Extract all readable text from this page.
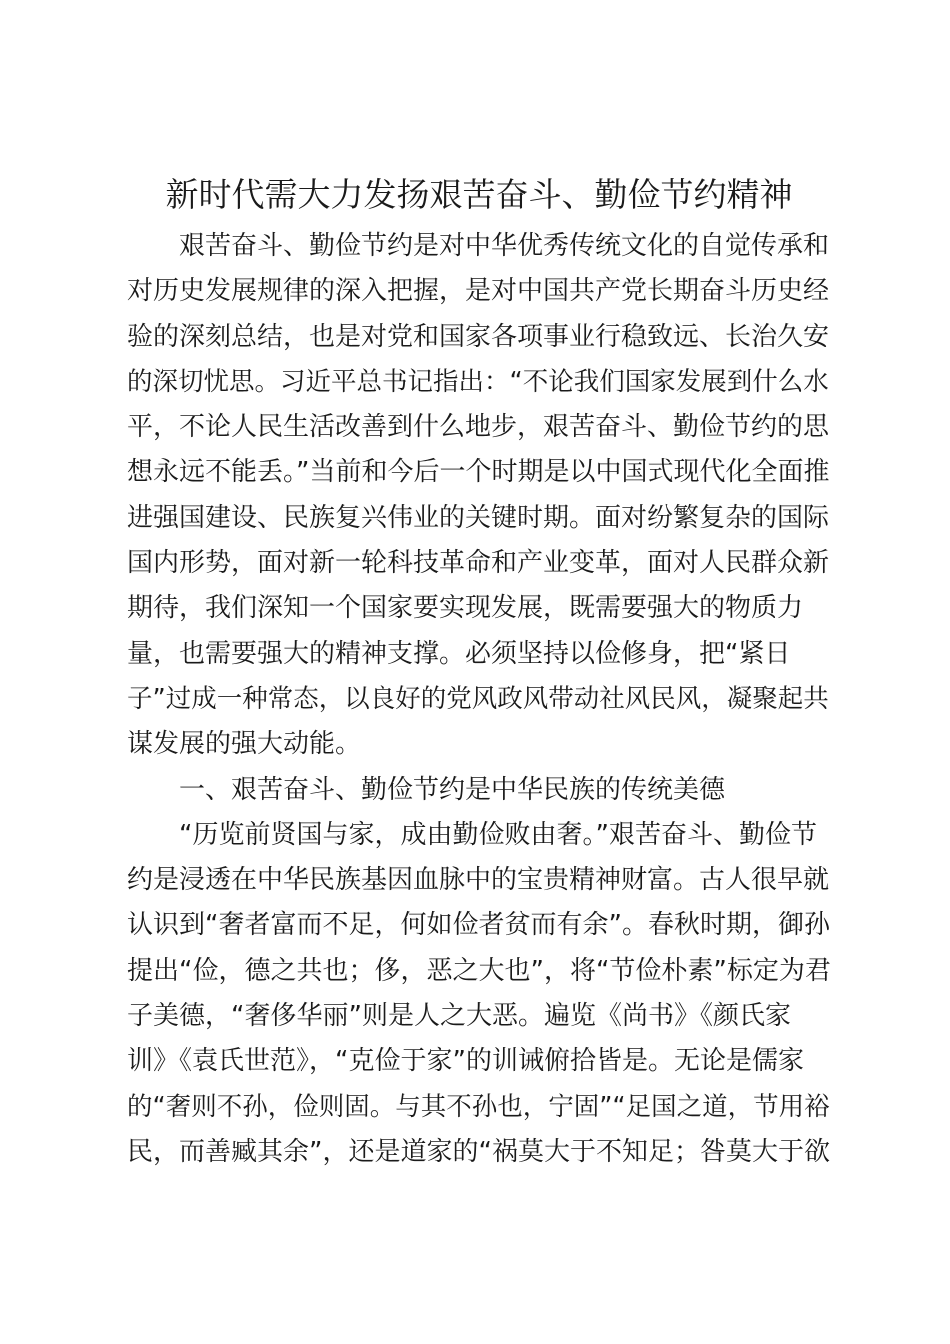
新时代需大力发扬艰苦奋斗、勤俭节约精神
艰苦奋斗、勤俭节约是对中华优秀传统文化的自觉传承和
对历史发展规律的深入把握，是对中国共产党长期奋斗历史经
验的深刻总结，也是对党和国家各项事业行稳致远、长治久安
的深切忧思。习近平总书记指出：“不论我们国家发展到什么水
平，不论人民生活改善到什么地步，艰苦奋斗、勤俭节约的思
想永远不能丢。”当前和今后一个时期是以中国式现代化全面推
进强国建设、民族复兴伟业的关键时期。面对纷繁复杂的国际
国内形势，面对新一轮科技革命和产业变革，面对人民群众新
期待，我们深知一个国家要实现发展，既需要强大的物质力
量，也需要强大的精神支撑。必须坚持以俭修身，把“紧日
子”过成一种常态，以良好的党风政风带动社风民风，凝聚起共
谋发展的强大动能。
一、艰苦奋斗、勤俭节约是中华民族的传统美德
“历览前贤国与家，成由勤俭败由奢。”艰苦奋斗、勤俭节
约是浸透在中华民族基因血脉中的宝贵精神财富。古人很早就
认识到“奢者富而不足，何如俭者贫而有余”。春秋时期，御孙
提出“俭，德之共也；侈，恶之大也”，将“节俭朴素”标定为君
子美德，“奢侈华丽”则是人之大恶。遍览《尚书》《颜氏家
训》《袁氏世范》，“克俭于家”的训诫俯拾皆是。无论是儒家
的“奢则不孙，俭则固。与其不孙也，宁固”“足国之道，节用裕
民，而善臧其余”，还是道家的“祸莫大于不知足；咎莫大于欲
